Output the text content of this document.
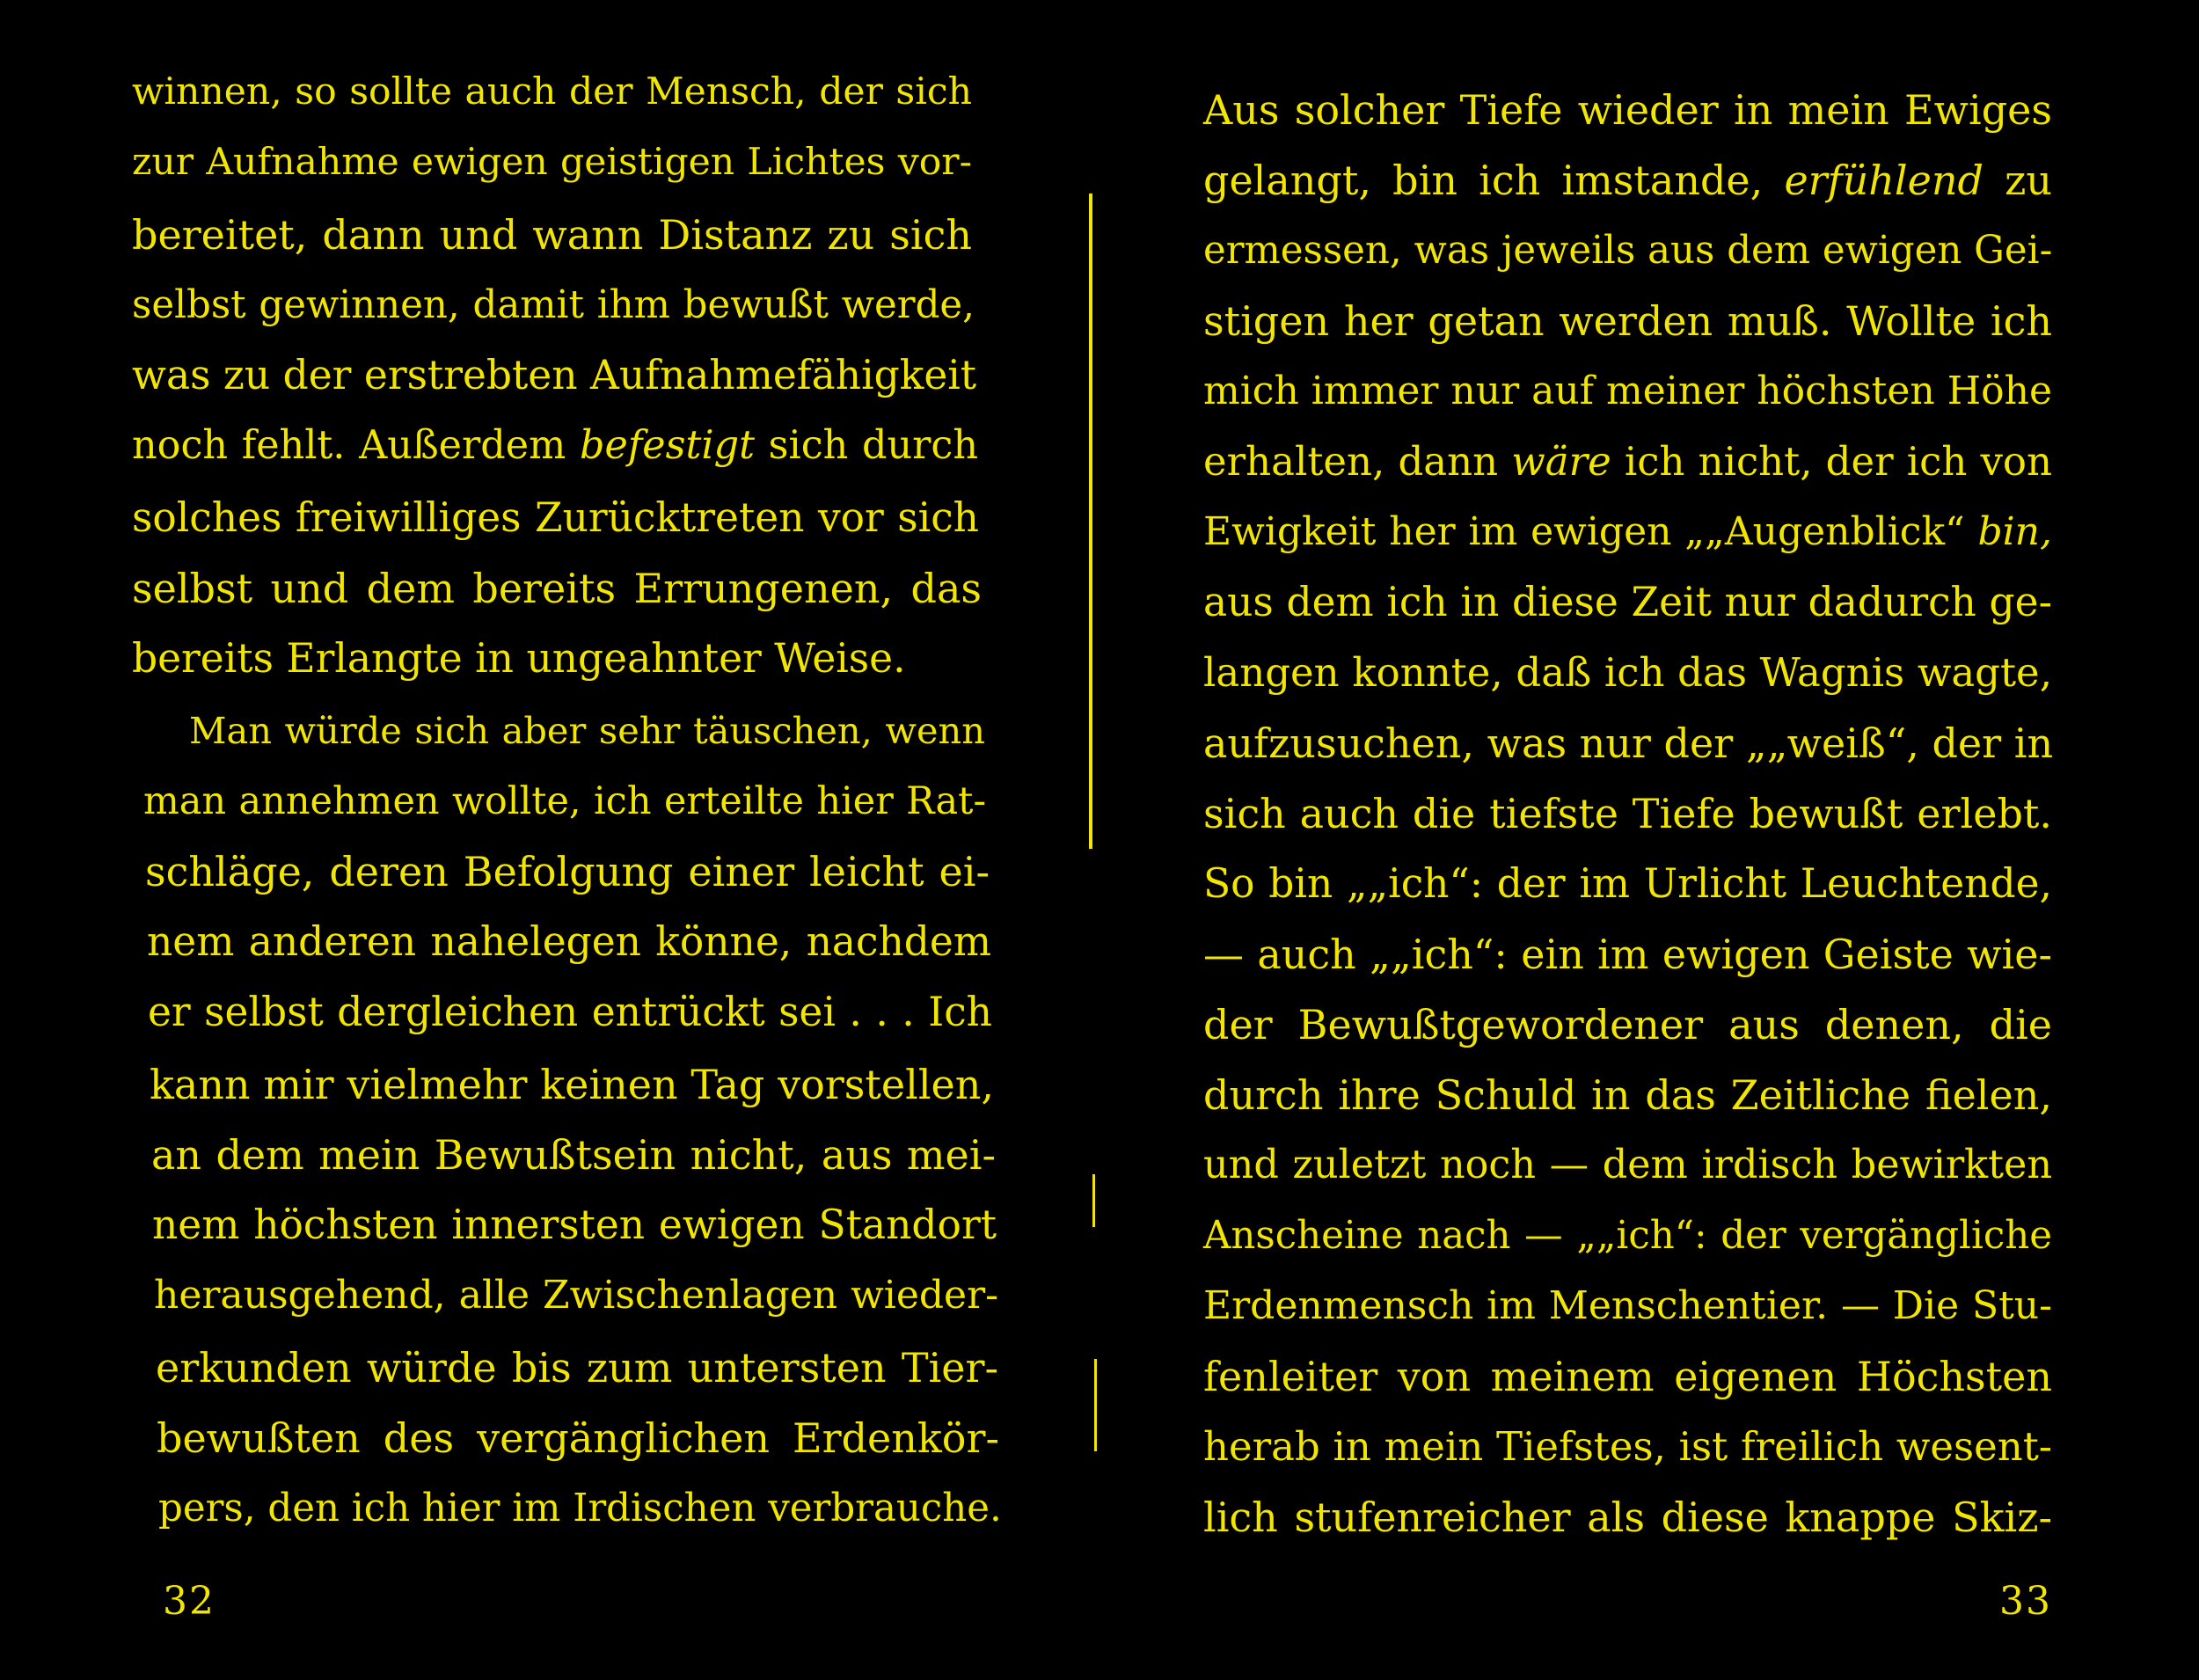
winnen, so sollte auch der Mensch, der sich
zur Aufnahme ewigen geistigen Lichtes vor-
bereitet, dann und wann Distanz zu sich
selbst gewinnen, damit ihm bewußt werde,
was zu der erstrebten Aufnahmefähigkeit
noch fehlt. Außerdem befestigt sich durch
solches freiwilliges Zurücktreten vor sich
selbst und dem bereits Errungenen, das
bereits Erlangte in ungeahnter Weise.
Man würde sich aber sehr täuschen, wenn
man annehmen wollte, ich erteilte hier Rat-
schläge, deren Befolgung einer leicht ei-
nem anderen nahelegen könne, nachdem
er selbst dergleichen entrückt sei . . . Ich
kann mir vielmehr keinen Tag vorstellen,
an dem mein Bewußtsein nicht, aus mei-
nem höchsten innersten ewigen Standort
herausgehend, alle Zwischenlagen wieder-
erkunden würde bis zum untersten Tier-
bewußten des vergänglichen Erdenkör-
pers, den ich hier im Irdischen verbrauche.
32
Aus solcher Tiefe wieder in mein Ewiges
gelangt, bin ich imstande, erfühlend zu
ermessen, was jeweils aus dem ewigen Gei-
stigen her getan werden muß. Wollte ich
mich immer nur auf meiner höchsten Höhe
erhalten, dann wäre ich nicht, der ich von
Ewigkeit her im ewigen „„Augenblick“ bin,
aus dem ich in diese Zeit nur dadurch ge-
langen konnte, daß ich das Wagnis wagte,
aufzusuchen, was nur der „„weiß“, der in
sich auch die tiefste Tiefe bewußt erlebt.
So bin „„ich“: der im Urlicht Leuchtende,
— auch „„ich“: ein im ewigen Geiste wie-
der Bewußtgewordener aus denen, die
durch ihre Schuld in das Zeitliche fielen,
und zuletzt noch — dem irdisch bewirkten
Anscheine nach — „„ich“: der vergängliche
Erdenmensch im Menschentier. — Die Stu-
fenleiter von meinem eigenen Höchsten
herab in mein Tiefstes, ist freilich wesent-
lich stufenreicher als diese knappe Skiz-
33
